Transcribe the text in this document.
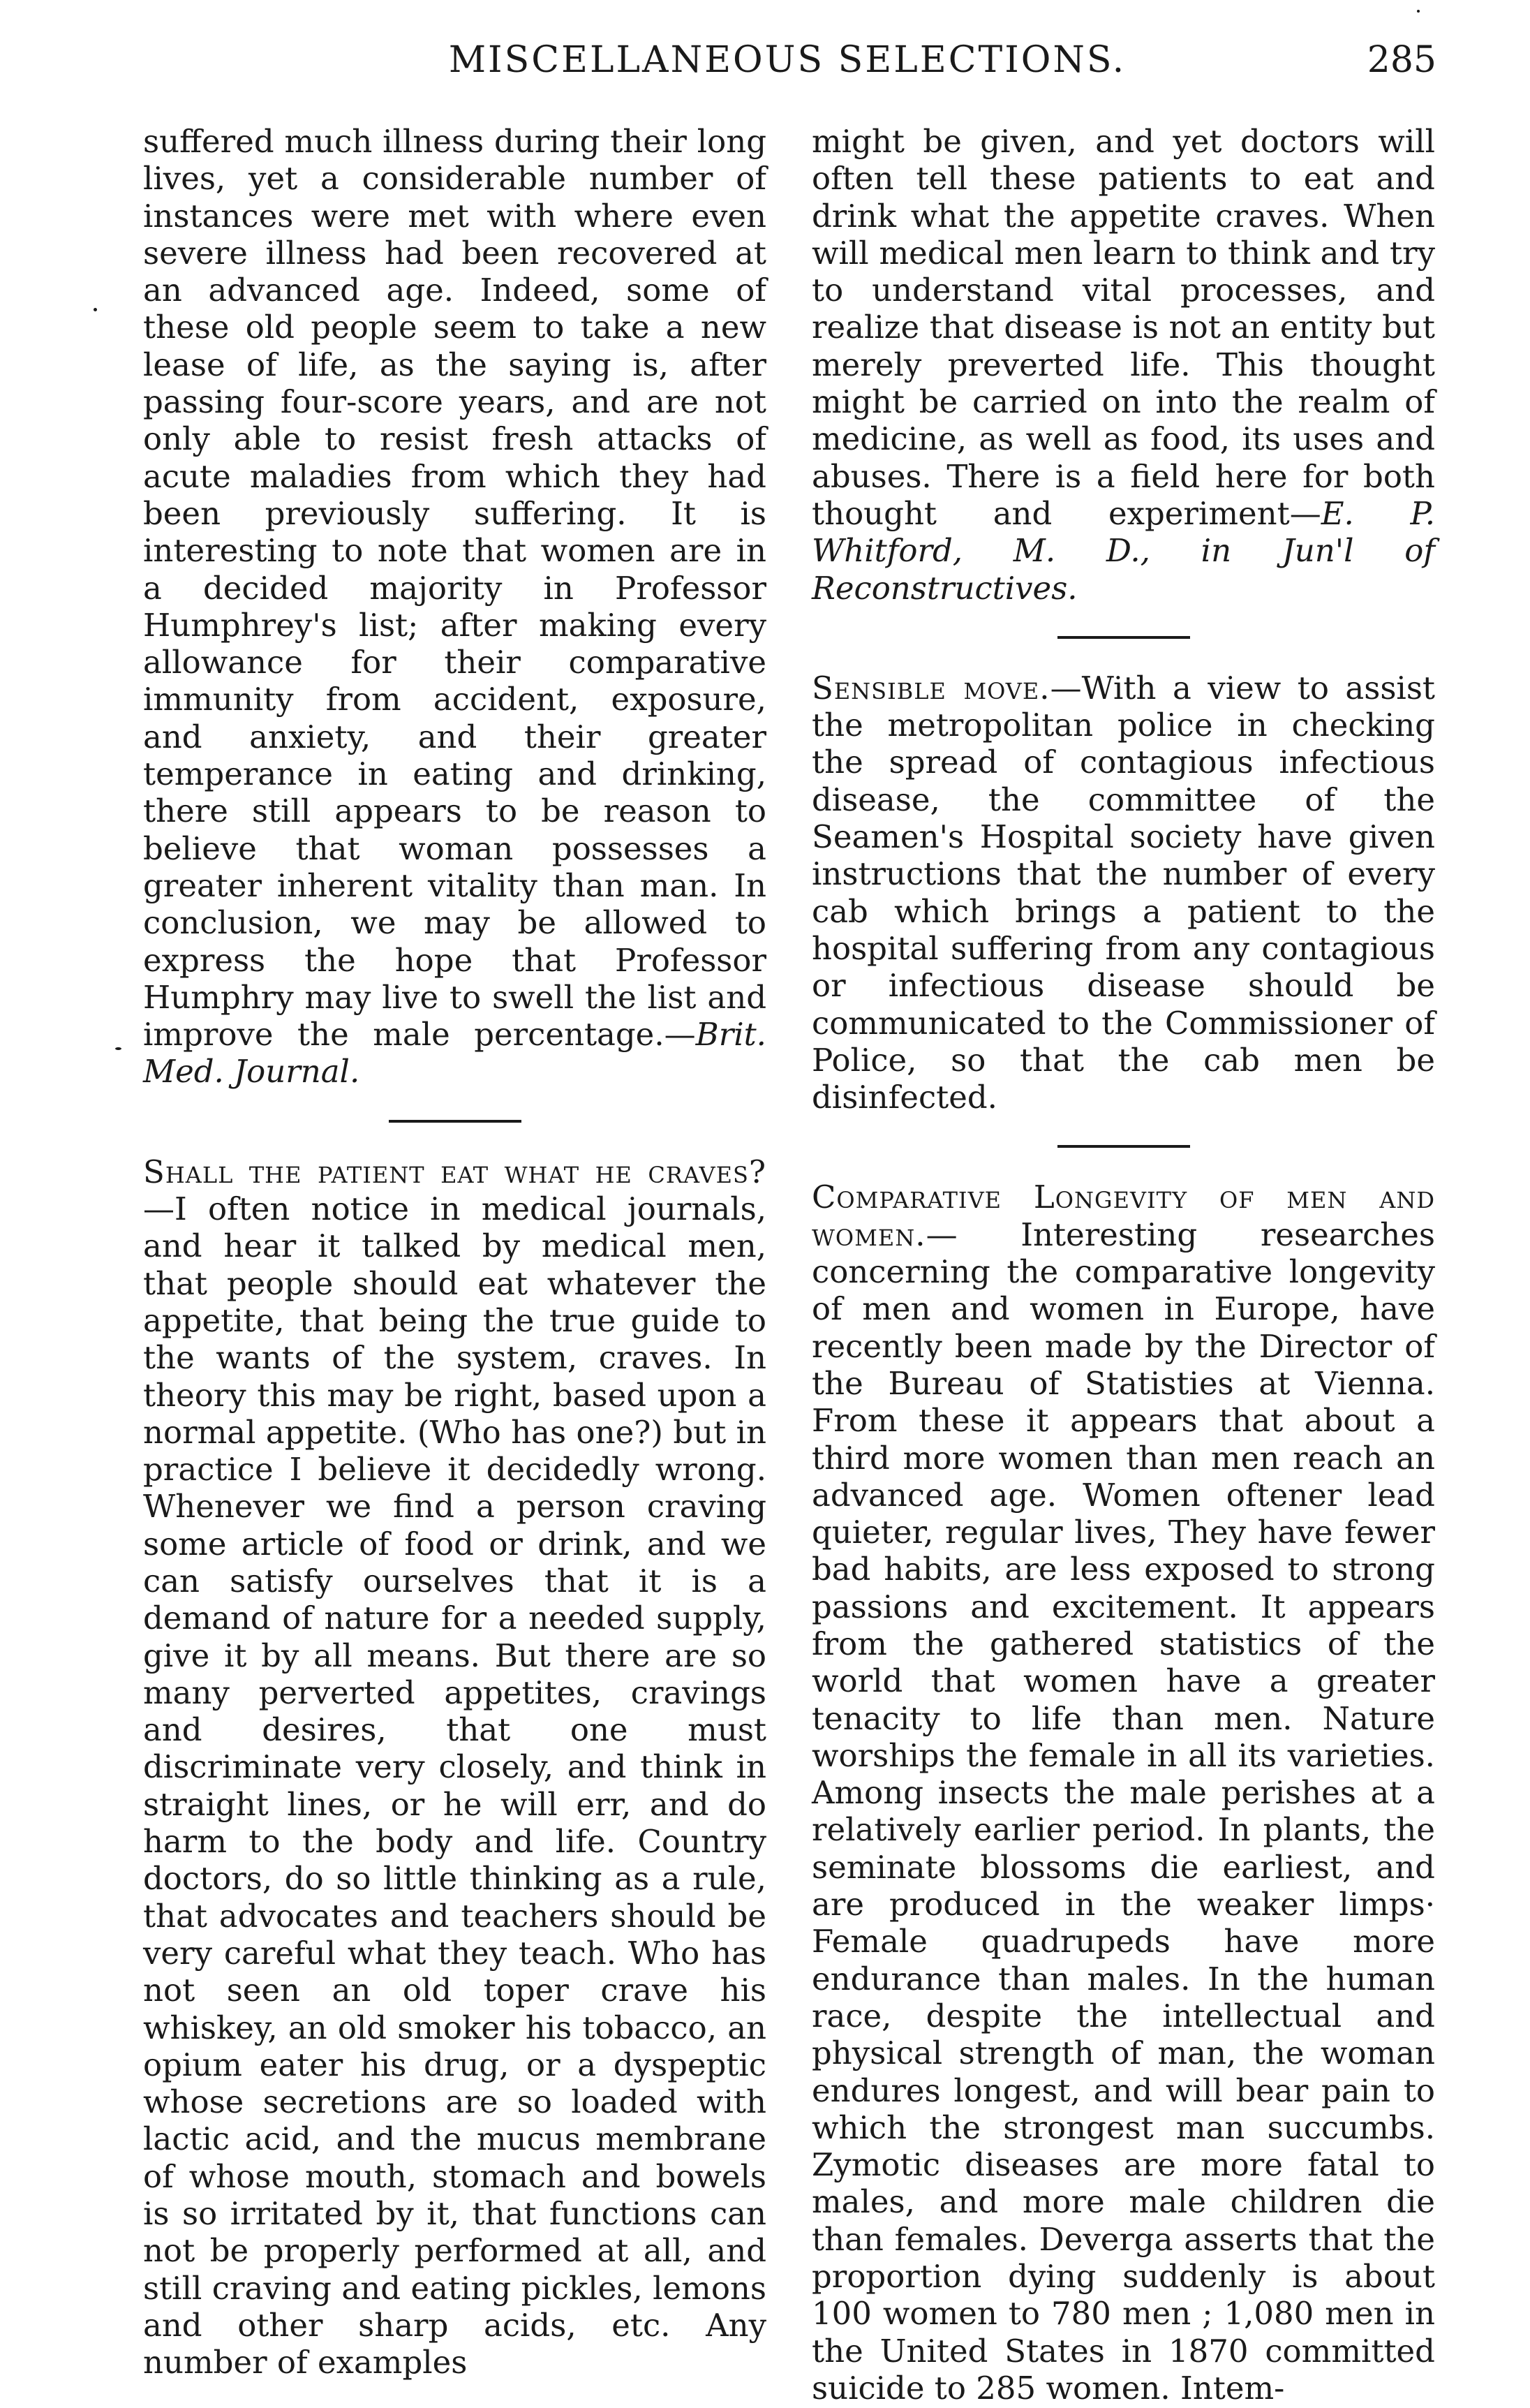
MISCELLANEOUS SELECTIONS.	285

suffered much illness during their long lives, yet a considerable number of instances were met with where even severe illness had been recovered at an advanced age. Indeed, some of these old people seem to take a new lease of life, as the saying is, after passing four-score years, and are not only able to resist fresh attacks of acute maladies from which they had been previously suffering. It is interesting to note that women are in a decided majority in Professor Humphrey's list; after making every allowance for their comparative immunity from accident, exposure, and anxiety, and their greater temperance in eating and drinking, there still appears to be reason to believe that woman possesses a greater inherent vitality than man. In conclusion, we may be allowed to express the hope that Professor Humphry may live to swell the list and improve the male percentage.—Brit. Med. Journal.

Shall the patient eat what he craves?—I often notice in medical journals, and hear it talked by medical men, that people should eat whatever the appetite, that being the true guide to the wants of the system, craves. In theory this may be right, based upon a normal appetite. (Who has one?) but in practice I believe it decidedly wrong. Whenever we find a person craving some article of food or drink, and we can satisfy ourselves that it is a demand of nature for a needed supply, give it by all means. But there are so many perverted appetites, cravings and desires, that one must discriminate very closely, and think in straight lines, or he will err, and do harm to the body and life. Country doctors, do so little thinking as a rule, that advocates and teachers should be very careful what they teach. Who has not seen an old toper crave his whiskey, an old smoker his tobacco, an opium eater his drug, or a dyspeptic whose secretions are so loaded with lactic acid, and the mucus membrane of whose mouth, stomach and bowels is so irritated by it, that functions can not be properly performed at all, and still craving and eating pickles, lemons and other sharp acids, etc. Any number of examples

might be given, and yet doctors will often tell these patients to eat and drink what the appetite craves. When will medical men learn to think and try to understand vital processes, and realize that disease is not an entity but merely preverted life. This thought might be carried on into the realm of medicine, as well as food, its uses and abuses. There is a field here for both thought and experiment—E. P. Whitford, M. D., in Jun'l of Reconstructives.

Sensible move.—With a view to assist the metropolitan police in checking the spread of contagious infectious disease, the committee of the Seamen's Hospital society have given instructions that the number of every cab which brings a patient to the hospital suffering from any contagious or infectious disease should be communicated to the Commissioner of Police, so that the cab men be disinfected.

Comparative Longevity of men and women.— Interesting researches concerning the comparative longevity of men and women in Europe, have recently been made by the Director of the Bureau of Statisties at Vienna. From these it appears that about a third more women than men reach an advanced age. Women oftener lead quieter, regular lives, They have fewer bad habits, are less exposed to strong passions and excitement. It appears from the gathered statistics of the world that women have a greater tenacity to life than men. Nature worships the female in all its varieties. Among insects the male perishes at a relatively earlier period. In plants, the seminate blossoms die earliest, and are produced in the weaker limps· Female quadrupeds have more endurance than males. In the human race, despite the intellectual and physical strength of man, the woman endures longest, and will bear pain to which the strongest man succumbs. Zymotic diseases are more fatal to males, and more male children die than females. Deverga asserts that the proportion dying suddenly is about 100 women to 780 men ; 1,080 men in the United States in 1870 committed suicide to 285 women. Intem-
